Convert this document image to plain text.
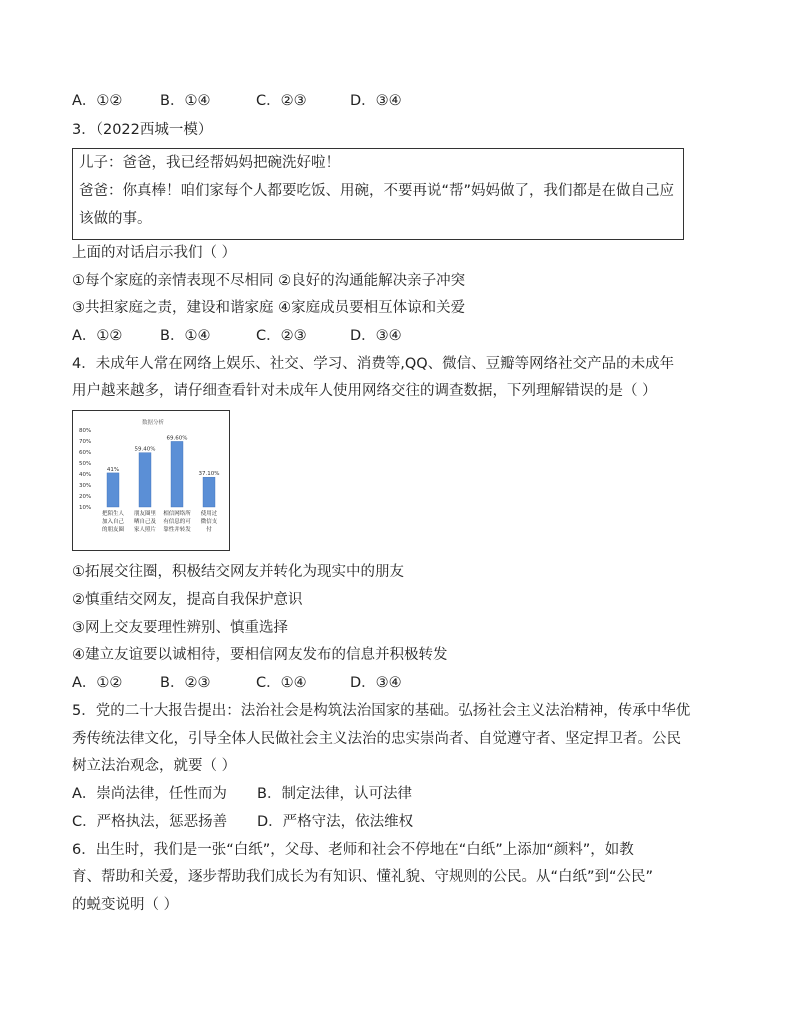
A．①②	B．①④	C．②③	D．③④
3．（2022西城一模）
儿子：爸爸，我已经帮妈妈把碗洗好啦！
爸爸：你真棒！咱们家每个人都要吃饭、用碗，不要再说“帮”妈妈做了，我们都是在做自己应
该做的事。
上面的对话启示我们（ ）
①每个家庭的亲情表现不尽相同 ②良好的沟通能解决亲子冲突
③共担家庭之责，建设和谐家庭 ④家庭成员要相互体谅和关爱
A．①②	B．①④	C．②③	D．③④
4．未成年人常在网络上娱乐、社交、学习、消费等,QQ、微信、豆瓣等网络社交产品的未成年
用户越来越多，请仔细查看针对未成年人使用网络交往的调查数据，下列理解错误的是（ ）
数据分析
80%
70%
60%
50%
40%
30%
20%
10%
41%
把陌生人
加入自己
的朋友圈
59.40%
朋友圈里
晒自己及
家人照片
69.60%
相信网络所
有信息的可
靠性并转发
37.10%
使用过
微信支
付
①拓展交往圈，积极结交网友并转化为现实中的朋友
②慎重结交网友，提高自我保护意识
③网上交友要理性辨别、慎重选择
④建立友谊要以诚相待，要相信网友发布的信息并积极转发
A．①②	B．②③	C．①④	D．③④
5．党的二十大报告提出：法治社会是构筑法治国家的基础。弘扬社会主义法治精神，传承中华优
秀传统法律文化，引导全体人民做社会主义法治的忠实崇尚者、自觉遵守者、坚定捍卫者。公民
树立法治观念，就要（ ）
A．崇尚法律，任性而为 B．制定法律，认可法律
C．严格执法，惩恶扬善 D．严格守法，依法维权
6．出生时，我们是一张“白纸”，父母、老师和社会不停地在“白纸”上添加“颜料”，如教
育、帮助和关爱，逐步帮助我们成长为有知识、懂礼貌、守规则的公民。从“白纸”到“公民”
的蜕变说明（ ）
